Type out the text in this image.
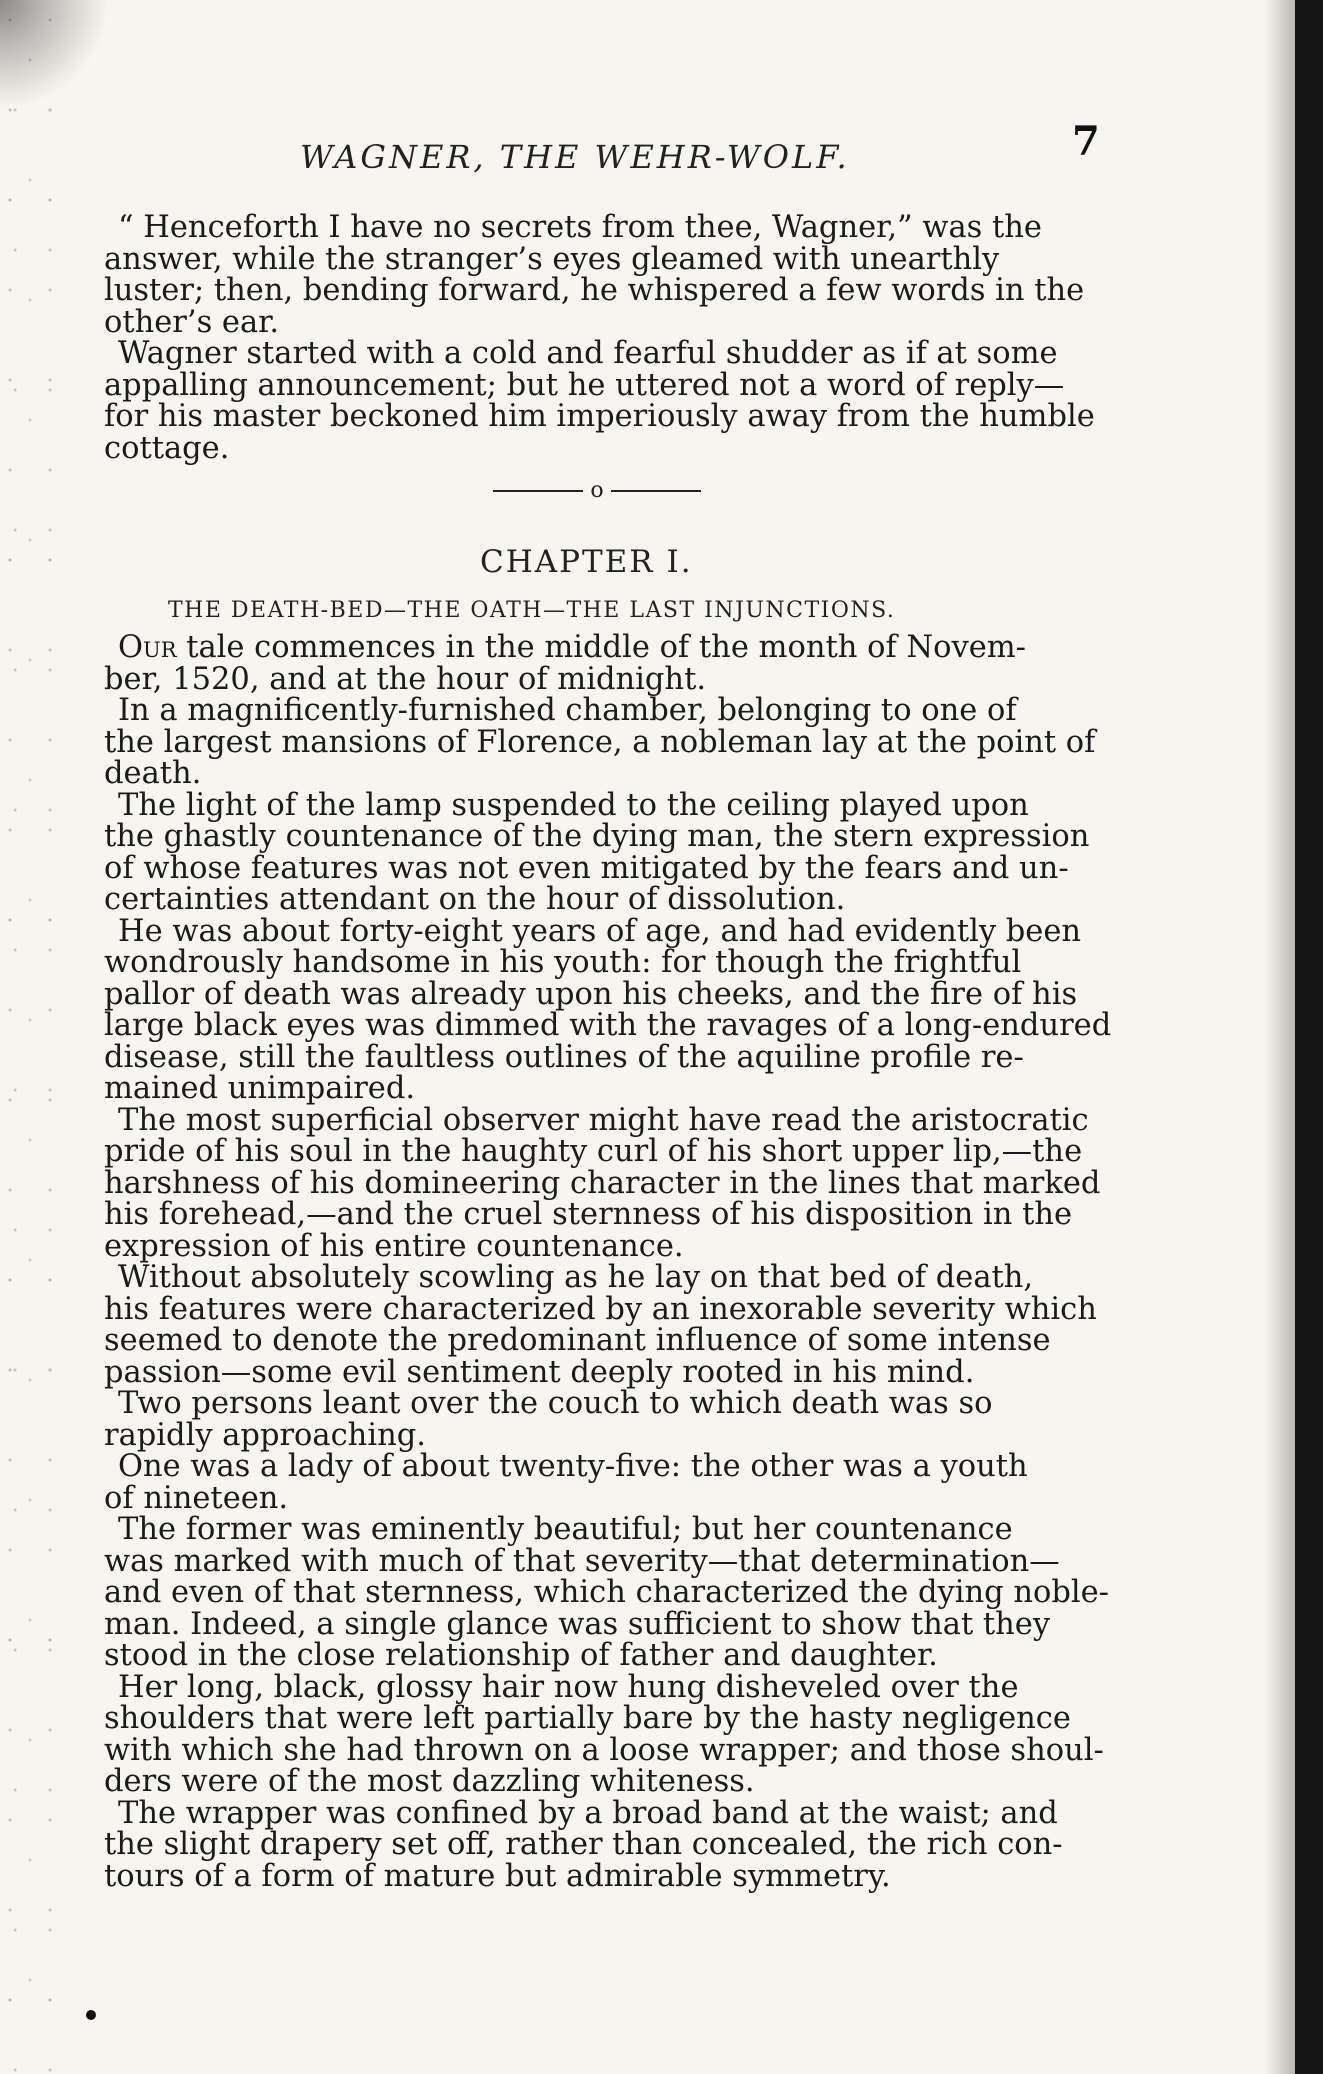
WAGNER, THE WEHR-WOLF.	7

“ Henceforth I have no secrets from thee, Wagner,” was the
answer, while the stranger’s eyes gleamed with unearthly
luster; then, bending forward, he whispered a few words in the
other’s ear.

Wagner started with a cold and fearful shudder as if at some
appalling announcement; but he uttered not a word of reply—
for his master beckoned him imperiously away from the humble
cottage.

o
CHAPTER I.
THE DEATH-BED—THE OATH—THE LAST INJUNCTIONS.

Our tale commences in the middle of the month of Novem-
ber, 1520, and at the hour of midnight.

In a magnificently-furnished chamber, belonging to one of
the largest mansions of Florence, a nobleman lay at the point of
death.

The light of the lamp suspended to the ceiling played upon
the ghastly countenance of the dying man, the stern expression
of whose features was not even mitigated by the fears and un-
certainties attendant on the hour of dissolution.

He was about forty-eight years of age, and had evidently been
wondrously handsome in his youth: for though the frightful
pallor of death was already upon his cheeks, and the fire of his
large black eyes was dimmed with the ravages of a long-endured
disease, still the faultless outlines of the aquiline profile re-
mained unimpaired.

The most superficial observer might have read the aristocratic
pride of his soul in the haughty curl of his short upper lip,—the
harshness of his domineering character in the lines that marked
his forehead,—and the cruel sternness of his disposition in the
expression of his entire countenance.

Without absolutely scowling as he lay on that bed of death,
his features were characterized by an inexorable severity which
seemed to denote the predominant influence of some intense
passion—some evil sentiment deeply rooted in his mind.

Two persons leant over the couch to which death was so
rapidly approaching.

One was a lady of about twenty-five: the other was a youth
of nineteen.

The former was eminently beautiful; but her countenance
was marked with much of that severity—that determination—
and even of that sternness, which characterized the dying noble-
man. Indeed, a single glance was sufficient to show that they
stood in the close relationship of father and daughter.

Her long, black, glossy hair now hung disheveled over the
shoulders that were left partially bare by the hasty negligence
with which she had thrown on a loose wrapper; and those shoul-
ders were of the most dazzling whiteness.

The wrapper was confined by a broad band at the waist; and
the slight drapery set off, rather than concealed, the rich con-
tours of a form of mature but admirable symmetry.
